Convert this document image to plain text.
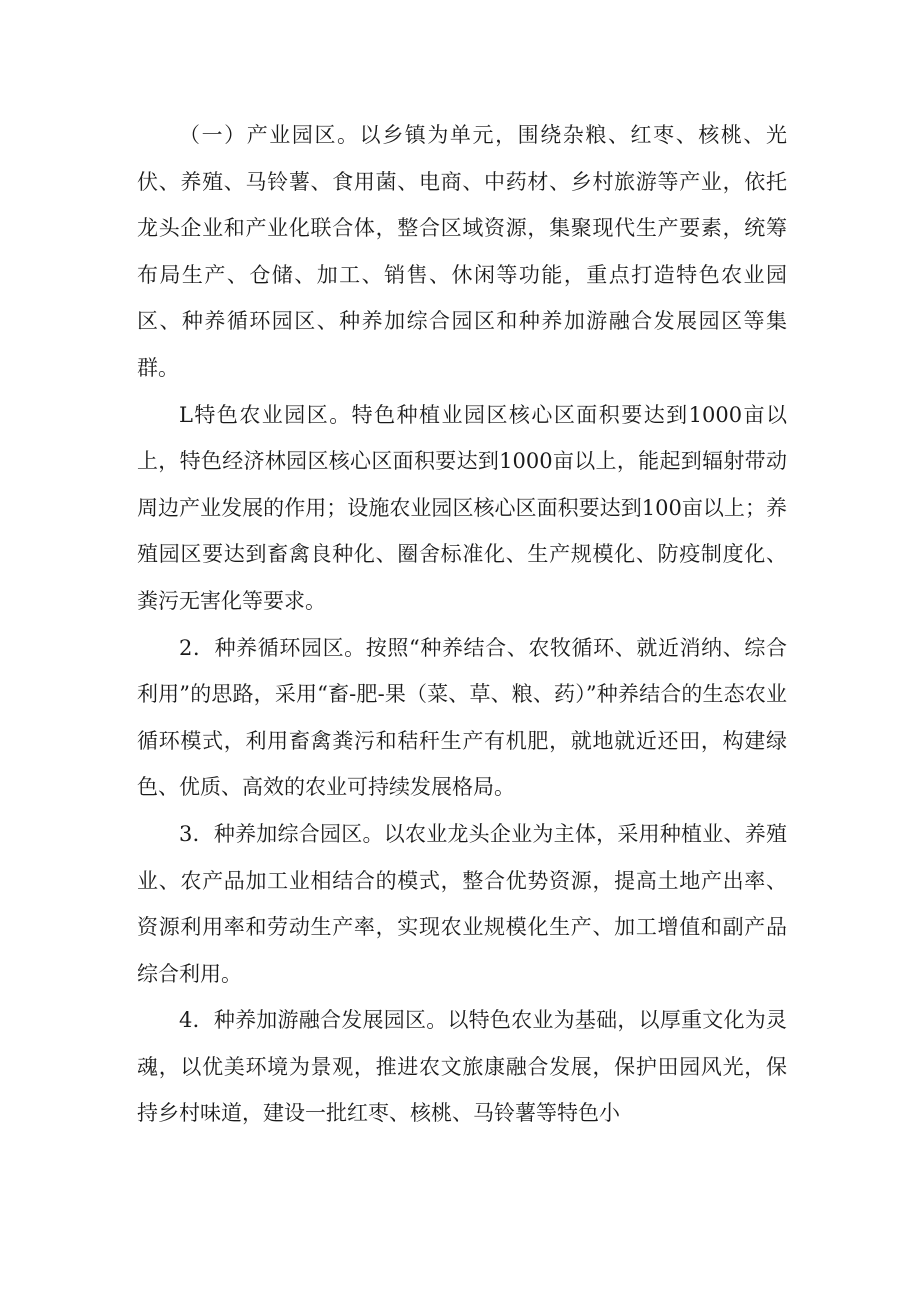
（一）产业园区。以乡镇为单元，围绕杂粮、红枣、核桃、光伏、养殖、马铃薯、食用菌、电商、中药材、乡村旅游等产业，依托龙头企业和产业化联合体，整合区域资源，集聚现代生产要素，统筹布局生产、仓储、加工、销售、休闲等功能，重点打造特色农业园区、种养循环园区、种养加综合园区和种养加游融合发展园区等集群。

L特色农业园区。特色种植业园区核心区面积要达到1000亩以上，特色经济林园区核心区面积要达到1000亩以上，能起到辐射带动周边产业发展的作用；设施农业园区核心区面积要达到100亩以上；养殖园区要达到畜禽良种化、圈舍标准化、生产规模化、防疫制度化、粪污无害化等要求。

2．种养循环园区。按照“种养结合、农牧循环、就近消纳、综合利用”的思路，采用“畜-肥-果（菜、草、粮、药）”种养结合的生态农业循环模式，利用畜禽粪污和秸秆生产有机肥，就地就近还田，构建绿色、优质、高效的农业可持续发展格局。

3．种养加综合园区。以农业龙头企业为主体，采用种植业、养殖业、农产品加工业相结合的模式，整合优势资源，提高土地产出率、资源利用率和劳动生产率，实现农业规模化生产、加工增值和副产品综合利用。

4．种养加游融合发展园区。以特色农业为基础，以厚重文化为灵魂，以优美环境为景观，推进农文旅康融合发展，保护田园风光，保持乡村味道，建设一批红枣、核桃、马铃薯等特色小
